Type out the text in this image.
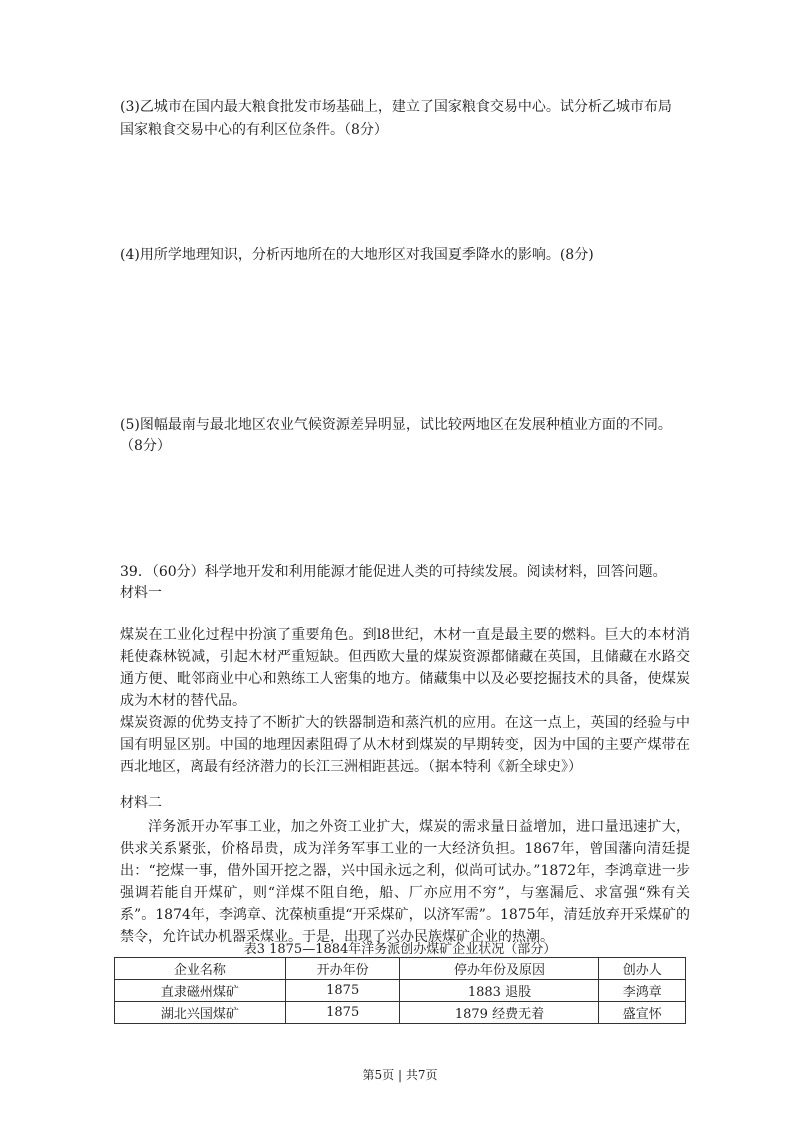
(3)乙城市在国内最大粮食批发市场基础上，建立了国家粮食交易中心。试分析乙城市布局
国家粮食交易中心的有利区位条件。（8分）
(4)用所学地理知识，分析丙地所在的大地形区对我国夏季降水的影响。(8分)
(5)图幅最南与最北地区农业气候资源差异明显，试比较两地区在发展种植业方面的不同。
（8分）
39．（60分）科学地开发和利用能源才能促进人类的可持续发展。阅读材料，回答问题。
材料一

煤炭在工业化过程中扮演了重要角色。到l8世纪，木材一直是最主要的燃料。巨大的本材消耗使森林锐减，引起木材严重短缺。但西欧大量的煤炭资源都储藏在英国，且储藏在水路交通方便、毗邻商业中心和熟练工人密集的地方。储藏集中以及必要挖掘技术的具备，使煤炭成为木材的替代品。

煤炭资源的优势支持了不断扩大的铁器制造和蒸汽机的应用。在这一点上，英国的经验与中国有明显区别。中国的地理因素阻碍了从木材到煤炭的早期转变，因为中国的主要产煤带在西北地区，离最有经济潜力的长江三洲相距甚远。（据本特利《新全球史》）

材料二

洋务派开办军事工业，加之外资工业扩大，煤炭的需求量日益增加，进口量迅速扩大，供求关系紧张，价格昂贵，成为洋务军事工业的一大经济负担。1867年，曾国藩向清廷提出：“挖煤一事，借外国开挖之器，兴中国永远之利，似尚可试办。”1872年，李鸿章进一步强调若能自开煤矿，则“洋煤不阻自绝，船、厂亦应用不穷”，与塞漏卮、求富强“殊有关系”。1874年，李鸿章、沈葆桢重提“开采煤矿，以济军需”。1875年，清廷放弃开采煤矿的禁令，允许试办机器采煤业。于是，出现了兴办民族煤矿企业的热潮。

表3 1875—1884年洋务派创办煤矿企业状况（部分）
企业名称	开办年份	停办年份及原因	创办人
直隶磁州煤矿	1875	1883 退股	李鸿章
湖北兴国煤矿	1875	1879 经费无着	盛宣怀
第5页 | 共7页
